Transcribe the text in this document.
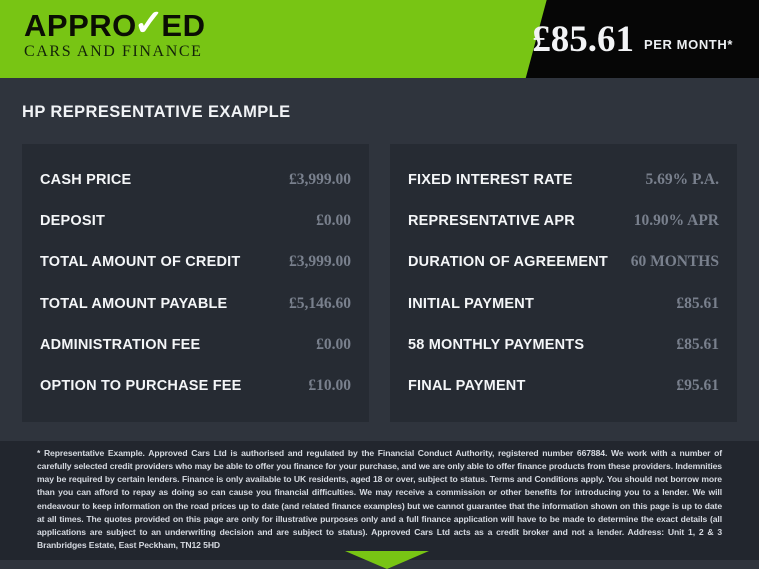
APPRO
✓
ED
CARS AND FINANCE	£85.61 PER MONTH*
HP REPRESENTATIVE EXAMPLE
CASH PRICE	£3,999.00
DEPOSIT	£0.00
TOTAL AMOUNT OF CREDIT	£3,999.00
TOTAL AMOUNT PAYABLE	£5,146.60
ADMINISTRATION FEE	£0.00
OPTION TO PURCHASE FEE	£10.00
FIXED INTEREST RATE	5.69% P.A.
REPRESENTATIVE APR	10.90% APR
DURATION OF AGREEMENT 60 MONTHS
INITIAL PAYMENT	£85.61
58 MONTHLY PAYMENTS	£85.61
FINAL PAYMENT	£95.61
* Representative Example. Approved Cars Ltd is authorised and regulated by the Financial Conduct Authority, registered number 667884. We work with a number of carefully selected credit providers who may be able to offer you finance for your purchase, and we are only able to offer finance products from these providers. Indemnities may be required by certain lenders. Finance is only available to UK residents, aged 18 or over, subject to status. Terms and Conditions apply. You should not borrow more than you can afford to repay as doing so can cause you financial difficulties. We may receive a commission or other benefits for introducing you to a lender. We will endeavour to keep information on the road prices up to date (and related finance examples) but we cannot guarantee that the information shown on this page is up to date at all times. The quotes provided on this page are only for illustrative purposes only and a full finance application will have to be made to determine the exact details (all applications are subject to an underwriting decision and are subject to status). Approved Cars Ltd acts as a credit broker and not a lender. Address: Unit 1, 2 & 3 Branbridges Estate, East Peckham, TN12 5HD
